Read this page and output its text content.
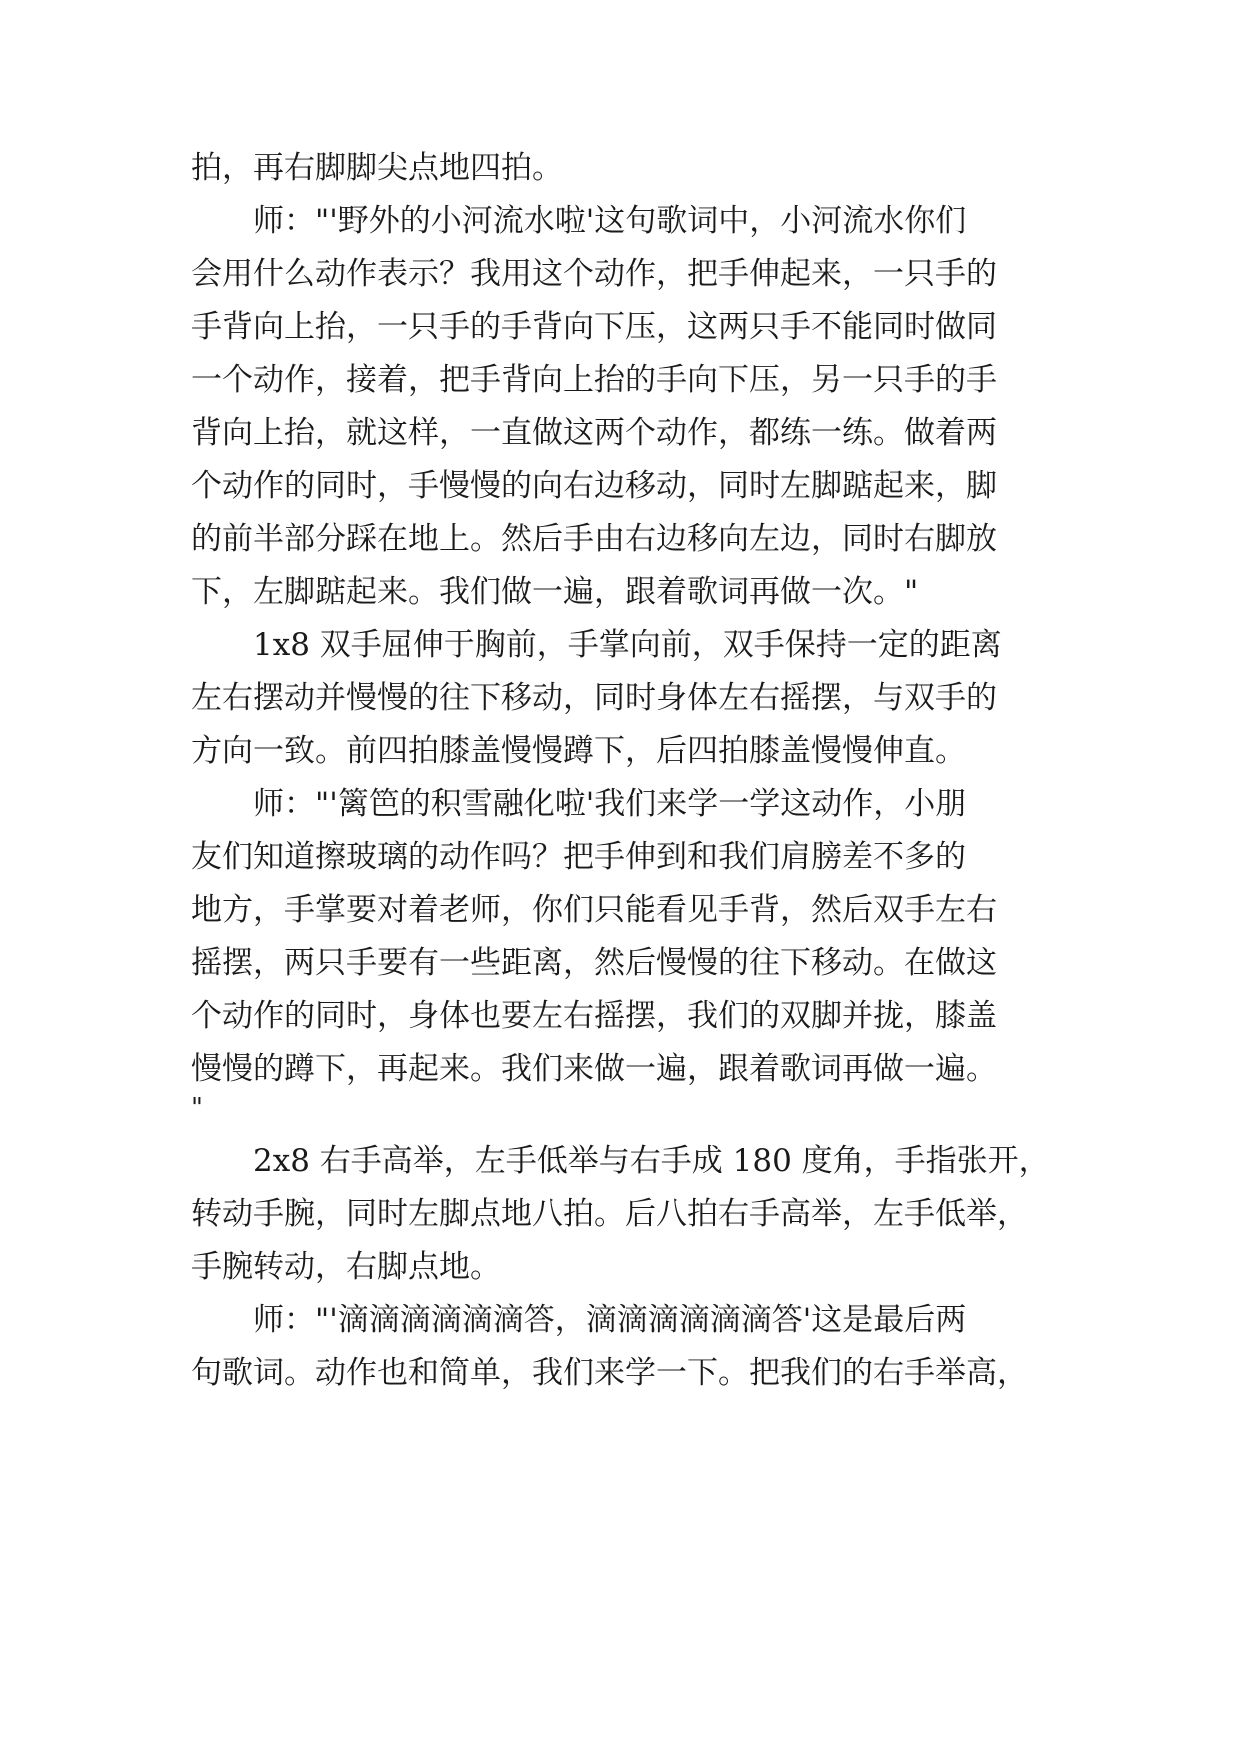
拍，再右脚脚尖点地四拍。
师："'野外的小河流水啦'这句歌词中，小河流水你们
会用什么动作表示？我用这个动作，把手伸起来，一只手的
手背向上抬，一只手的手背向下压，这两只手不能同时做同
一个动作，接着，把手背向上抬的手向下压，另一只手的手
背向上抬，就这样，一直做这两个动作，都练一练。做着两
个动作的同时，手慢慢的向右边移动，同时左脚踮起来，脚
的前半部分踩在地上。然后手由右边移向左边，同时右脚放
下，左脚踮起来。我们做一遍，跟着歌词再做一次。"
1x8 双手屈伸于胸前，手掌向前，双手保持一定的距离
左右摆动并慢慢的往下移动，同时身体左右摇摆，与双手的
方向一致。前四拍膝盖慢慢蹲下，后四拍膝盖慢慢伸直。
师："'篱笆的积雪融化啦'我们来学一学这动作，小朋
友们知道擦玻璃的动作吗？把手伸到和我们肩膀差不多的
地方，手掌要对着老师，你们只能看见手背，然后双手左右
摇摆，两只手要有一些距离，然后慢慢的往下移动。在做这
个动作的同时，身体也要左右摇摆，我们的双脚并拢，膝盖
慢慢的蹲下，再起来。我们来做一遍，跟着歌词再做一遍。
"
2x8 右手高举，左手低举与右手成 180 度角，手指张开，
转动手腕，同时左脚点地八拍。后八拍右手高举，左手低举，
手腕转动，右脚点地。
师："'滴滴滴滴滴滴答，滴滴滴滴滴滴答'这是最后两
句歌词。动作也和简单，我们来学一下。把我们的右手举高，
